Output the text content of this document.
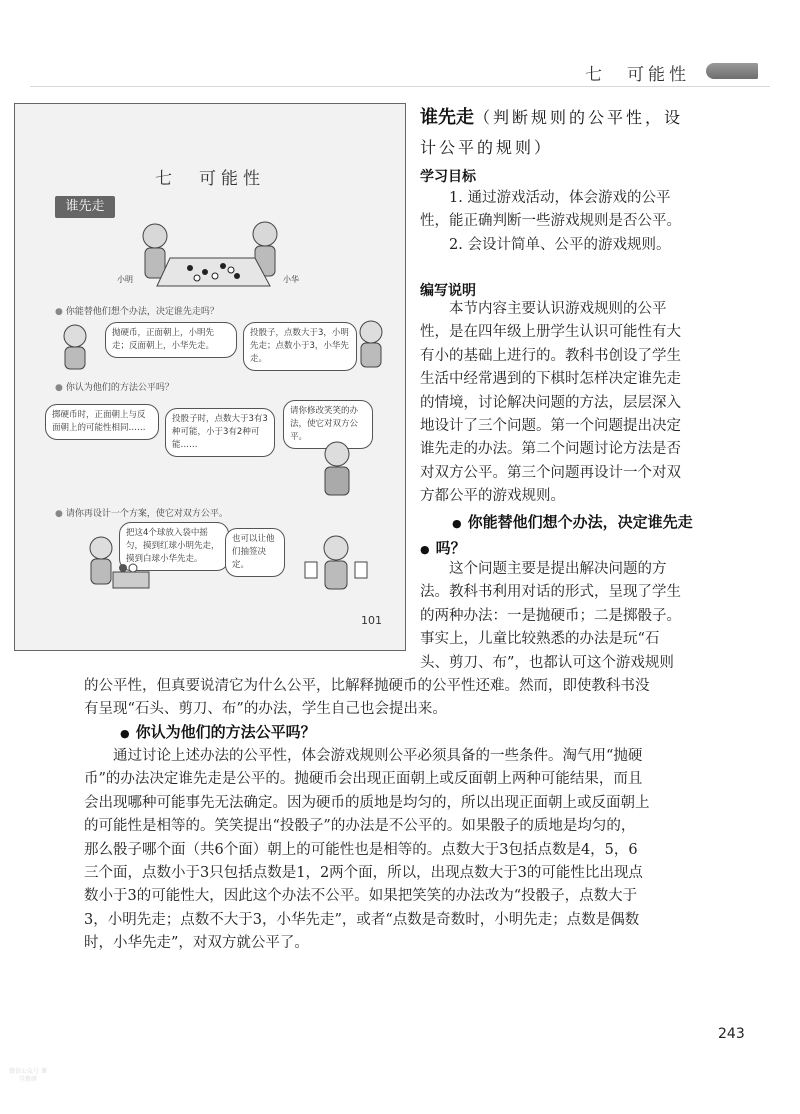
七　可能性
七　可能性
谁先走
小明	小华
● 你能替他们想个办法，决定谁先走吗？
抛硬币，正面朝上，小明先走；反面朝上，小华先走。
投骰子，点数大于3，小明先走；点数小于3，小华先走。
● 你认为他们的方法公平吗？
掷硬币时，正面朝上与反面朝上的可能性相同……
投骰子时，点数大于3有3种可能，小于3有2种可能……
请你修改笑笑的办法，使它对双方公平。
● 请你再设计一个方案，使它对双方公平。
把这4个球放入袋中摇匀，摸到红球小明先走，摸到白球小华先走。
也可以让他们抽签决定。
101
谁先走（判断规则的公平性，设
计公平的规则）
学习目标
1. 通过游戏活动，体会游戏的公平
性，能正确判断一些游戏规则是否公平。
2. 会设计简单、公平的游戏规则。
编写说明
本节内容主要认识游戏规则的公平
性，是在四年级上册学生认识可能性有大
有小的基础上进行的。教科书创设了学生
生活中经常遇到的下棋时怎样决定谁先走
的情境，讨论解决问题的方法，层层深入
地设计了三个问题。第一个问题提出决定
谁先走的办法。第二个问题讨论方法是否
对双方公平。第三个问题再设计一个对双
方都公平的游戏规则。
● 你能替他们想个办法，决定谁先走
● 吗？
这个问题主要是提出解决问题的方
法。教科书利用对话的形式，呈现了学生
的两种办法：一是抛硬币；二是掷骰子。
事实上，儿童比较熟悉的办法是玩“石
头、剪刀、布”，也都认可这个游戏规则
的公平性，但真要说清它为什么公平，比解释抛硬币的公平性还难。然而，即使教科书没
有呈现“石头、剪刀、布”的办法，学生自己也会提出来。
● 你认为他们的方法公平吗？
通过讨论上述办法的公平性，体会游戏规则公平必须具备的一些条件。淘气用“抛硬
币”的办法决定谁先走是公平的。抛硬币会出现正面朝上或反面朝上两种可能结果，而且
会出现哪种可能事先无法确定。因为硬币的质地是均匀的，所以出现正面朝上或反面朝上
的可能性是相等的。笑笑提出“投骰子”的办法是不公平的。如果骰子的质地是均匀的，
那么骰子哪个面（共6个面）朝上的可能性也是相等的。点数大于3包括点数是4，5，6
三个面，点数小于3只包括点数是1，2两个面，所以，出现点数大于3的可能性比出现点
数小于3的可能性大，因此这个办法不公平。如果把笑笑的办法改为“投骰子，点数大于
3，小明先走；点数不大于3，小华先走”，或者“点数是奇数时，小明先走；点数是偶数
时，小华先走”，对双方就公平了。
243
微信公众号 课堂教研
